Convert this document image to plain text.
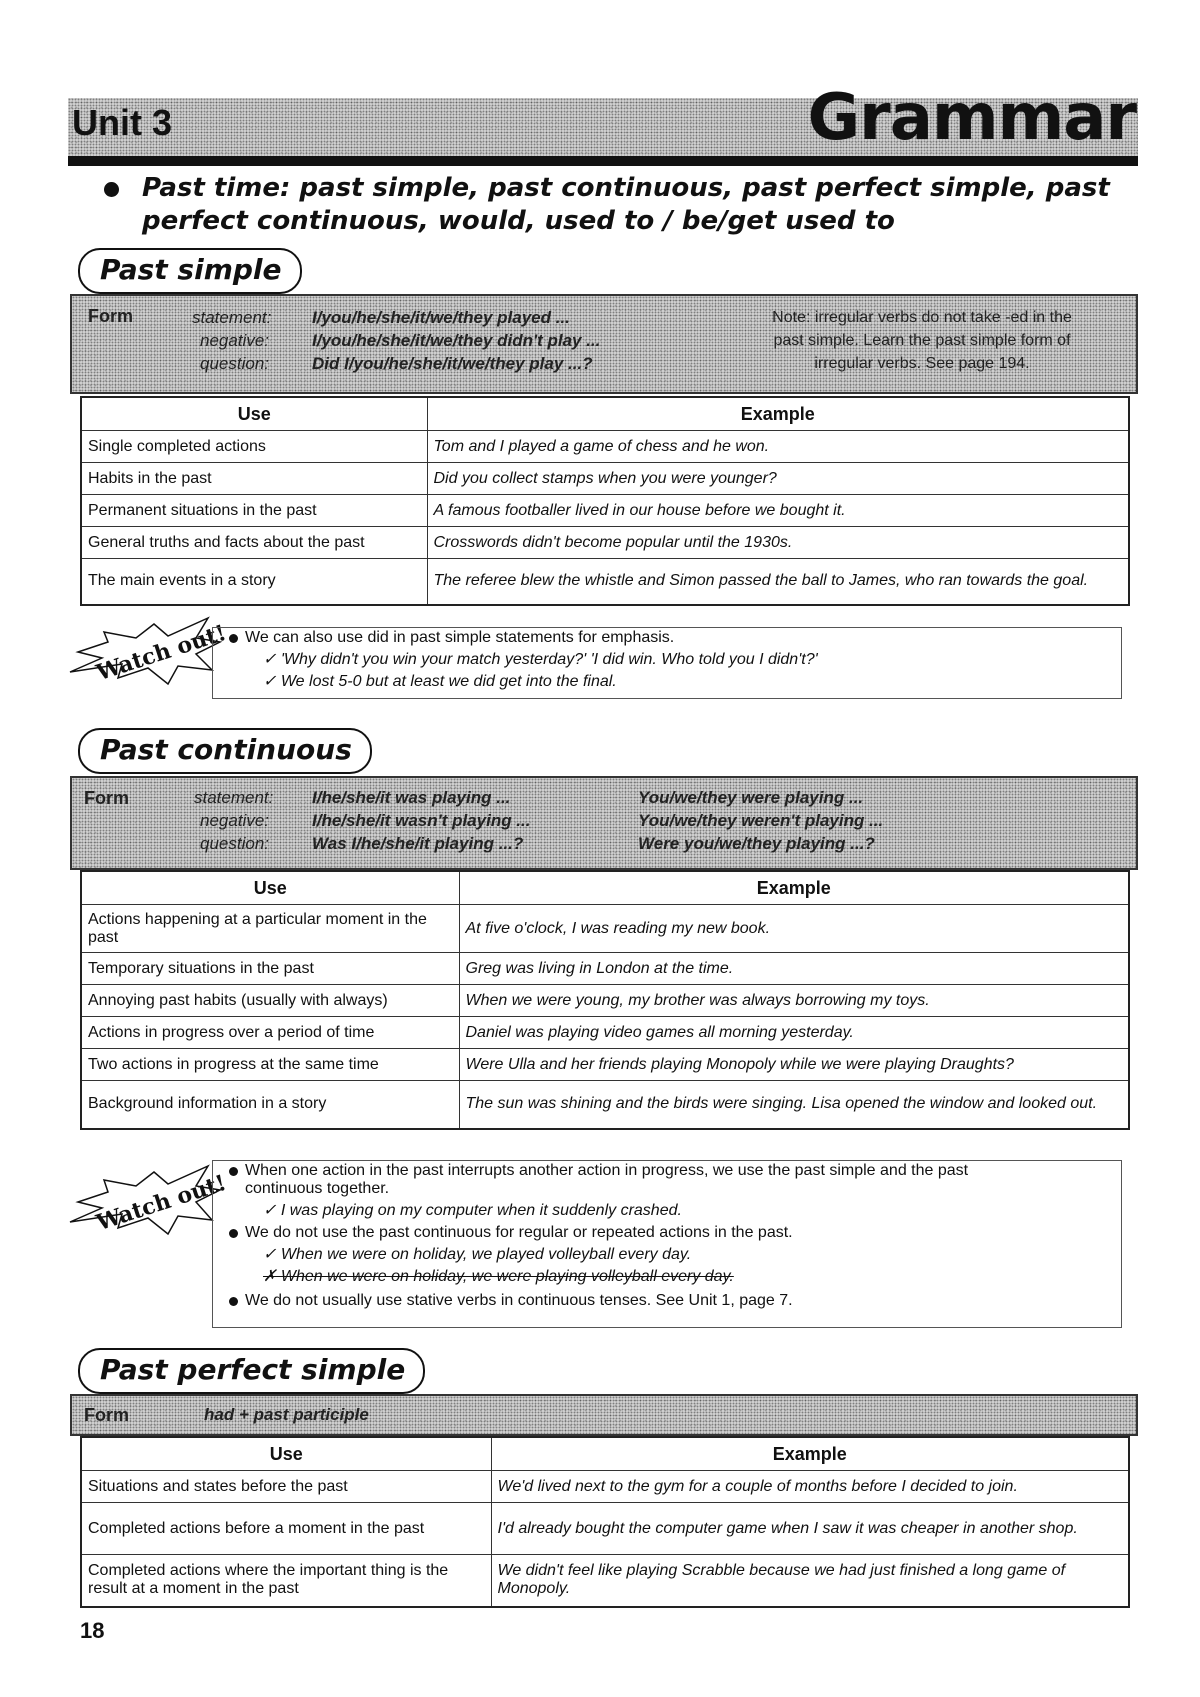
Unit 3	Grammar
Past time: past simple, past continuous, past perfect simple, past perfect continuous, would, used to / be/get used to
Past simple
Form	statement: I/you/he/she/it/we/they played ...
negative:	I/you/he/she/it/we/they didn't play ...
question:	Did I/you/he/she/it/we/they play ...?
Note: irregular verbs do not take -ed in the
past simple. Learn the past simple form of
irregular verbs. See page 194.
Use	Example
Single completed actions	Tom and I played a game of chess and he won.
Habits in the past	Did you collect stamps when you were younger?
Permanent situations in the past	A famous footballer lived in our house before we bought it.
General truths and facts about the past	Crosswords didn't become popular until the 1930s.
The main events in a story	The referee blew the whistle and Simon passed the ball to James, who ran towards the goal.
Watch out! We can also use did in past simple statements for emphasis.
✓ 'Why didn't you win your match yesterday?' 'I did win. Who told you I didn't?'
✓ We lost 5-0 but at least we did get into the final.
Past continuous
Form	statement: I/he/she/it was playing ...	You/we/they were playing ...
negative:	I/he/she/it wasn't playing ...	You/we/they weren't playing ...
question:	Was I/he/she/it playing ...?	Were you/we/they playing ...?
Use	Example
Actions happening at a particular moment in the past	At five o'clock, I was reading my new book.
Temporary situations in the past	Greg was living in London at the time.
Annoying past habits (usually with always)	When we were young, my brother was always borrowing my toys.
Actions in progress over a period of time	Daniel was playing video games all morning yesterday.
Two actions in progress at the same time	Were Ulla and her friends playing Monopoly while we were playing Draughts?
Background information in a story	The sun was shining and the birds were singing. Lisa opened the window and looked out.
Watch out! When one action in the past interrupts another action in progress, we use the past simple and the past
continuous together.
✓ I was playing on my computer when it suddenly crashed.
We do not use the past continuous for regular or repeated actions in the past.
✓ When we were on holiday, we played volleyball every day.
✗ When we were on holiday, we were playing volleyball every day.
We do not usually use stative verbs in continuous tenses. See Unit 1, page 7.
Past perfect simple
Form	had + past participle
Use	Example
Situations and states before the past	We'd lived next to the gym for a couple of months before I decided to join.
Completed actions before a moment in the past	I'd already bought the computer game when I saw it was cheaper in another shop.
Completed actions where the important thing is the result at a moment in the past	We didn't feel like playing Scrabble because we had just finished a long game of Monopoly.
18
